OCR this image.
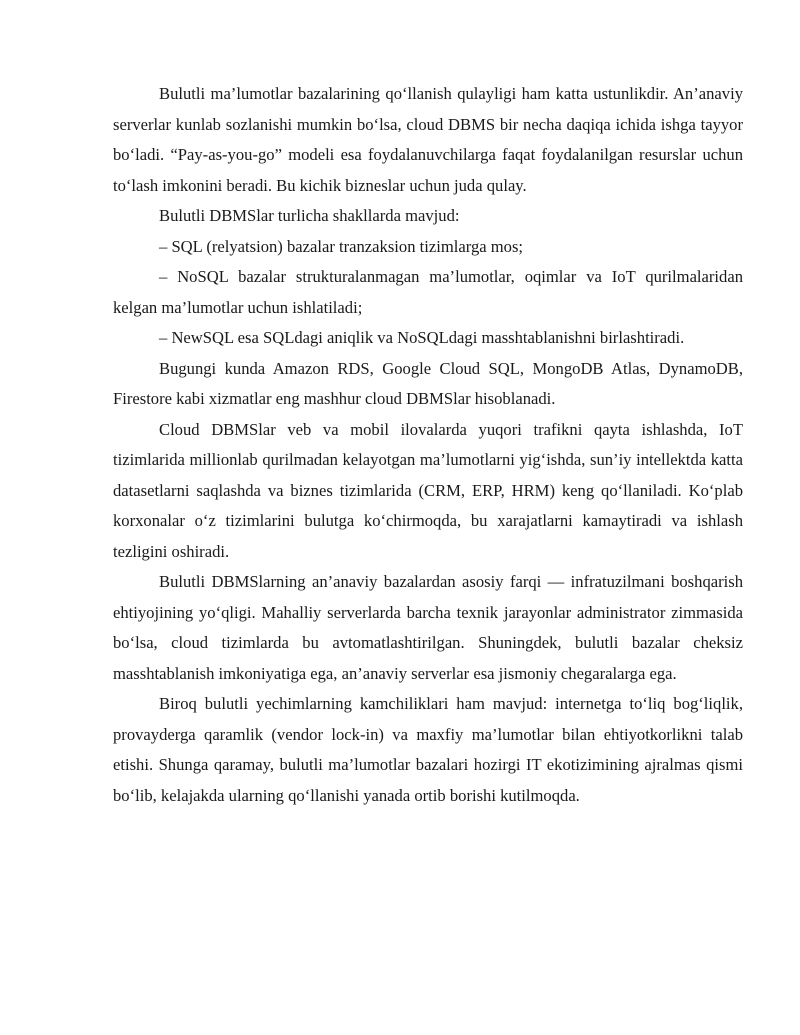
Bulutli ma’lumotlar bazalarining qo‘llanish qulayligi ham katta ustunlikdir. An’anaviy serverlar kunlab sozlanishi mumkin bo‘lsa, cloud DBMS bir necha daqiqa ichida ishga tayyor bo‘ladi. “Pay-as-you-go” modeli esa foydalanuvchilarga faqat foydalanilgan resurslar uchun to‘lash imkonini beradi. Bu kichik bizneslar uchun juda qulay.

Bulutli DBMSlar turlicha shakllarda mavjud:

– SQL (relyatsion) bazalar tranzaksion tizimlarga mos;

– NoSQL bazalar strukturalanmagan ma’lumotlar, oqimlar va IoT qurilmalaridan kelgan ma’lumotlar uchun ishlatiladi;

– NewSQL esa SQLdagi aniqlik va NoSQLdagi masshtablanishni birlashtiradi.

Bugungi kunda Amazon RDS, Google Cloud SQL, MongoDB Atlas, DynamoDB, Firestore kabi xizmatlar eng mashhur cloud DBMSlar hisoblanadi.

Cloud DBMSlar veb va mobil ilovalarda yuqori trafikni qayta ishlashda, IoT tizimlarida millionlab qurilmadan kelayotgan ma’lumotlarni yig‘ishda, sun’iy intellektda katta datasetlarni saqlashda va biznes tizimlarida (CRM, ERP, HRM) keng qo‘llaniladi. Ko‘plab korxonalar o‘z tizimlarini bulutga ko‘chirmoqda, bu xarajatlarni kamaytiradi va ishlash tezligini oshiradi.

Bulutli DBMSlarning an’anaviy bazalardan asosiy farqi — infratuzilmani boshqarish ehtiyojining yo‘qligi. Mahalliy serverlarda barcha texnik jarayonlar administrator zimmasida bo‘lsa, cloud tizimlarda bu avtomatlashtirilgan. Shuningdek, bulutli bazalar cheksiz masshtablanish imkoniyatiga ega, an’anaviy serverlar esa jismoniy chegaralarga ega.

Biroq bulutli yechimlarning kamchiliklari ham mavjud: internetga to‘liq bog‘liqlik, provayderga qaramlik (vendor lock-in) va maxfiy ma’lumotlar bilan ehtiyotkorlikni talab etishi. Shunga qaramay, bulutli ma’lumotlar bazalari hozirgi IT ekotizimining ajralmas qismi bo‘lib, kelajakda ularning qo‘llanishi yanada ortib borishi kutilmoqda.
